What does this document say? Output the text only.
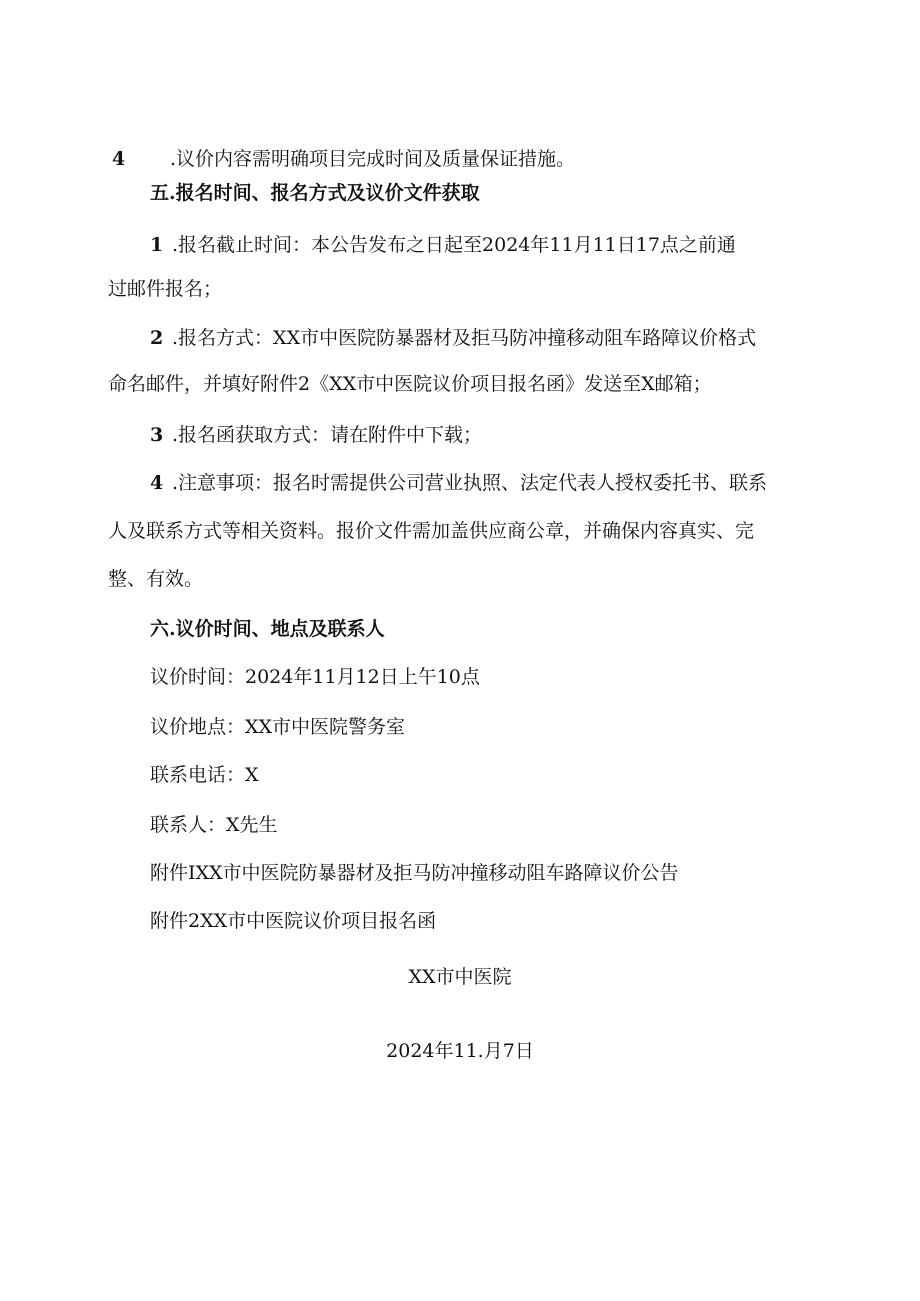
4 .议价内容需明确项目完成时间及质量保证措施。
五.报名时间、报名方式及议价文件获取
1 .报名截止时间：本公告发布之日起至2024年11月11日17点之前通
过邮件报名；
2 .报名方式：XX市中医院防暴器材及拒马防冲撞移动阻车路障议价格式
命名邮件，并填好附件2《XX市中医院议价项目报名函》发送至X邮箱；
3 .报名函获取方式：请在附件中下载；
4 .注意事项：报名时需提供公司营业执照、法定代表人授权委托书、联系
人及联系方式等相关资料。报价文件需加盖供应商公章，并确保内容真实、完
整、有效。
六.议价时间、地点及联系人
议价时间：2024年11月12日上午10点
议价地点：XX市中医院警务室
联系电话：X
联系人：X先生
附件IXX市中医院防暴器材及拒马防冲撞移动阻车路障议价公告
附件2XX市中医院议价项目报名函
XX市中医院
2024年11.月7日
